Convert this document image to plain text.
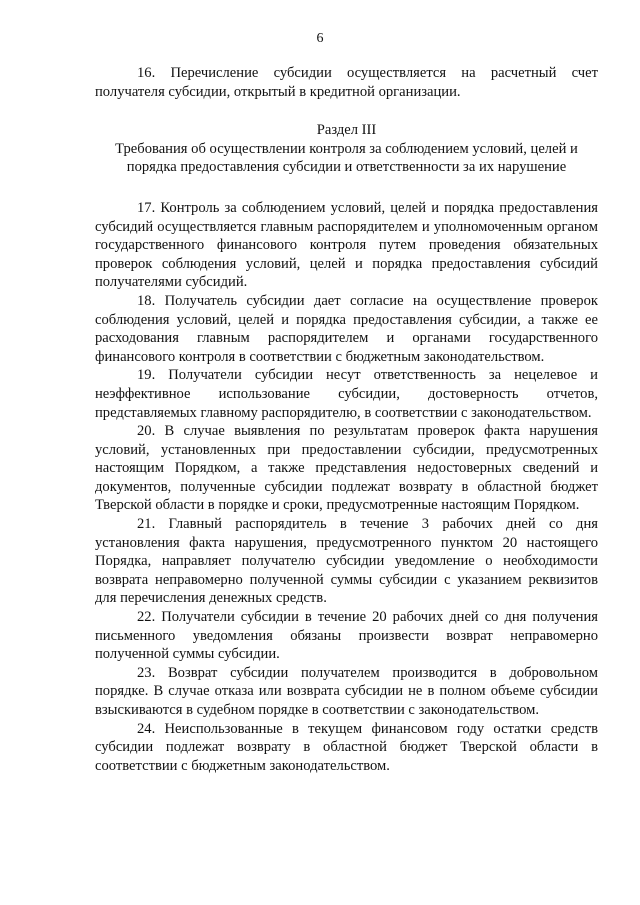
6

16. Перечисление субсидии осуществляется на расчетный счет получателя субсидии, открытый в кредитной организации.

Раздел III
Требования об осуществлении контроля за соблюдением условий, целей и порядка предоставления субсидии и ответственности за их нарушение

17. Контроль за соблюдением условий, целей и порядка предоставления субсидий осуществляется главным распорядителем и уполномоченным органом государственного финансового контроля путем проведения обязательных проверок соблюдения условий, целей и порядка предоставления субсидий получателями субсидий.

18. Получатель субсидии дает согласие на осуществление проверок соблюдения условий, целей и порядка предоставления субсидии, а также ее расходования главным распорядителем и органами государственного финансового контроля в соответствии с бюджетным законодательством.

19. Получатели субсидии несут ответственность за нецелевое и неэффективное использование субсидии, достоверность отчетов, представляемых главному распорядителю, в соответствии с законодательством.

20. В случае выявления по результатам проверок факта нарушения условий, установленных при предоставлении субсидии, предусмотренных настоящим Порядком, а также представления недостоверных сведений и документов, полученные субсидии подлежат возврату в областной бюджет Тверской области в порядке и сроки, предусмотренные настоящим Порядком.

21. Главный распорядитель в течение 3 рабочих дней со дня установления факта нарушения, предусмотренного пунктом 20 настоящего Порядка, направляет получателю субсидии уведомление о необходимости возврата неправомерно полученной суммы субсидии с указанием реквизитов для перечисления денежных средств.

22. Получатели субсидии в течение 20 рабочих дней со дня получения письменного уведомления обязаны произвести возврат неправомерно полученной суммы субсидии.

23. Возврат субсидии получателем производится в добровольном порядке. В случае отказа или возврата субсидии не в полном объеме субсидии взыскиваются в судебном порядке в соответствии с законодательством.

24. Неиспользованные в текущем финансовом году остатки средств субсидии подлежат возврату в областной бюджет Тверской области в соответствии с бюджетным законодательством.
